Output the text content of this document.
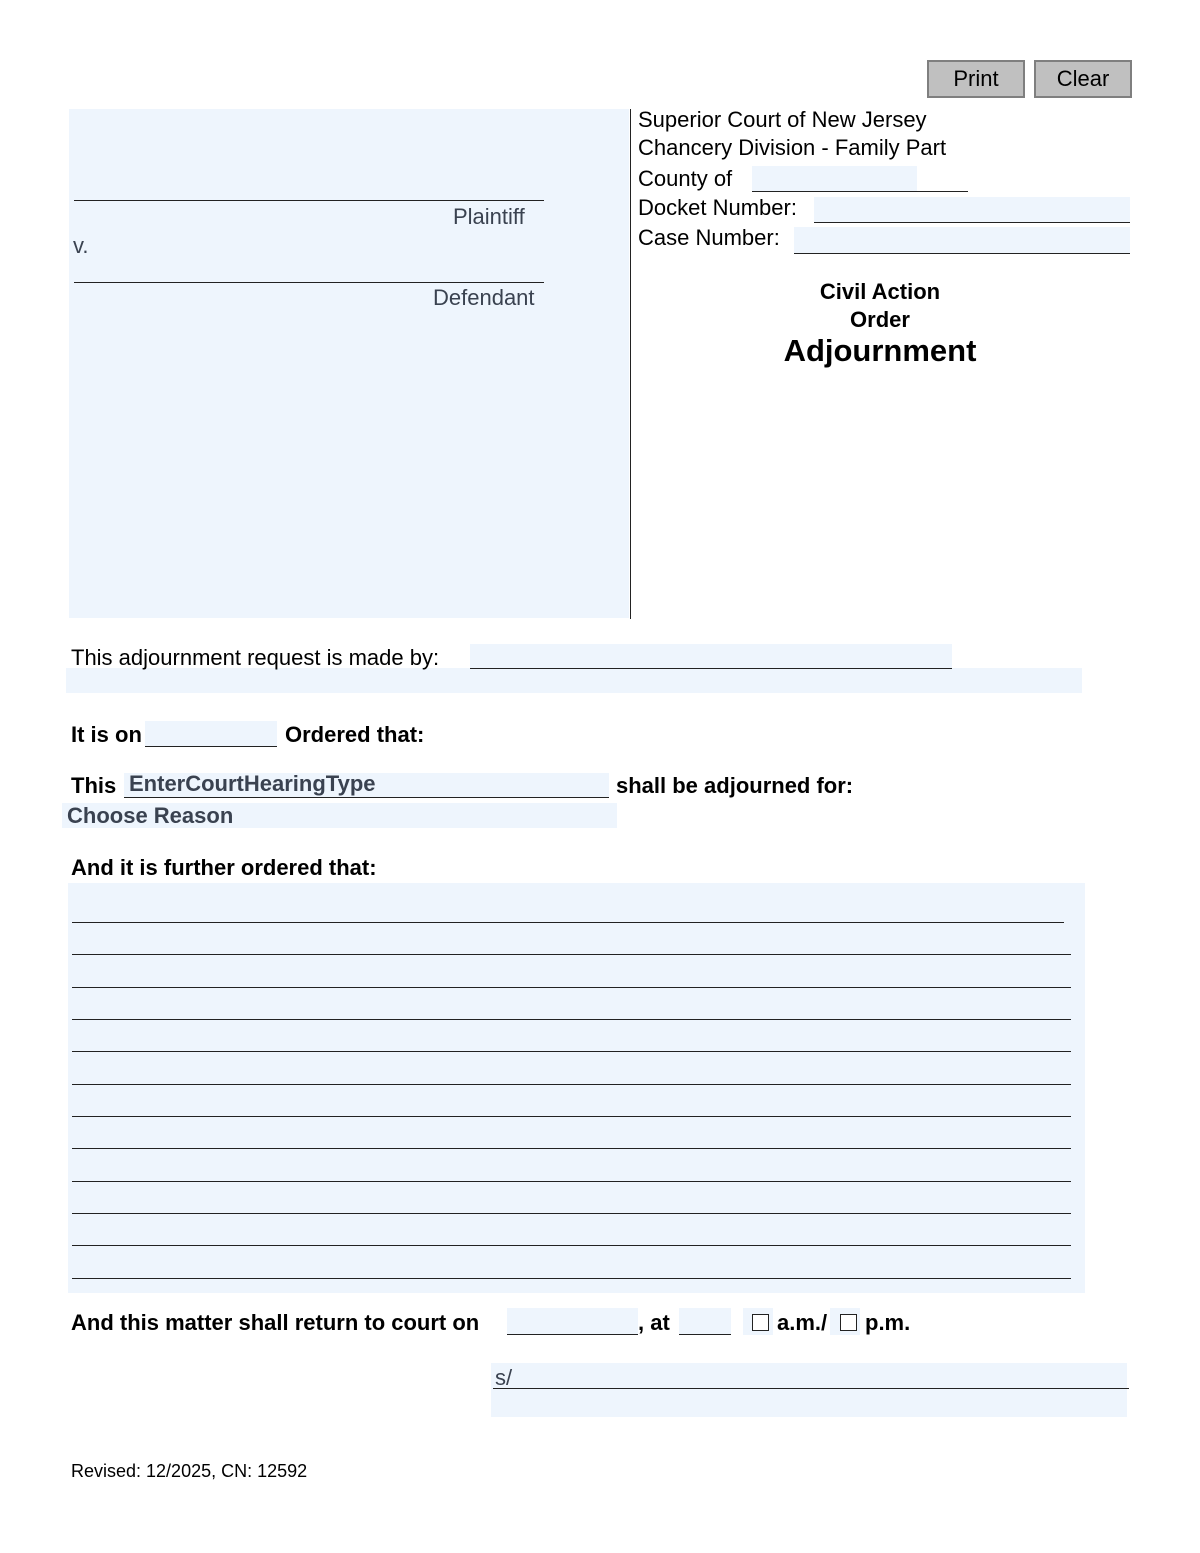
Print	Clear
Plaintiff
v.
Defendant
Superior Court of New Jersey
Chancery Division - Family Part
County of
Docket Number:
Case Number:
Civil Action
Order
Adjournment
This adjournment request is made by:
It is on	Ordered that:
This EnterCourtHearingType	shall be adjourned for:
Choose Reason
And it is further ordered that:
And this matter shall return to court on	, at	a.m./ p.m.
s/
Revised: 12/2025, CN: 12592
